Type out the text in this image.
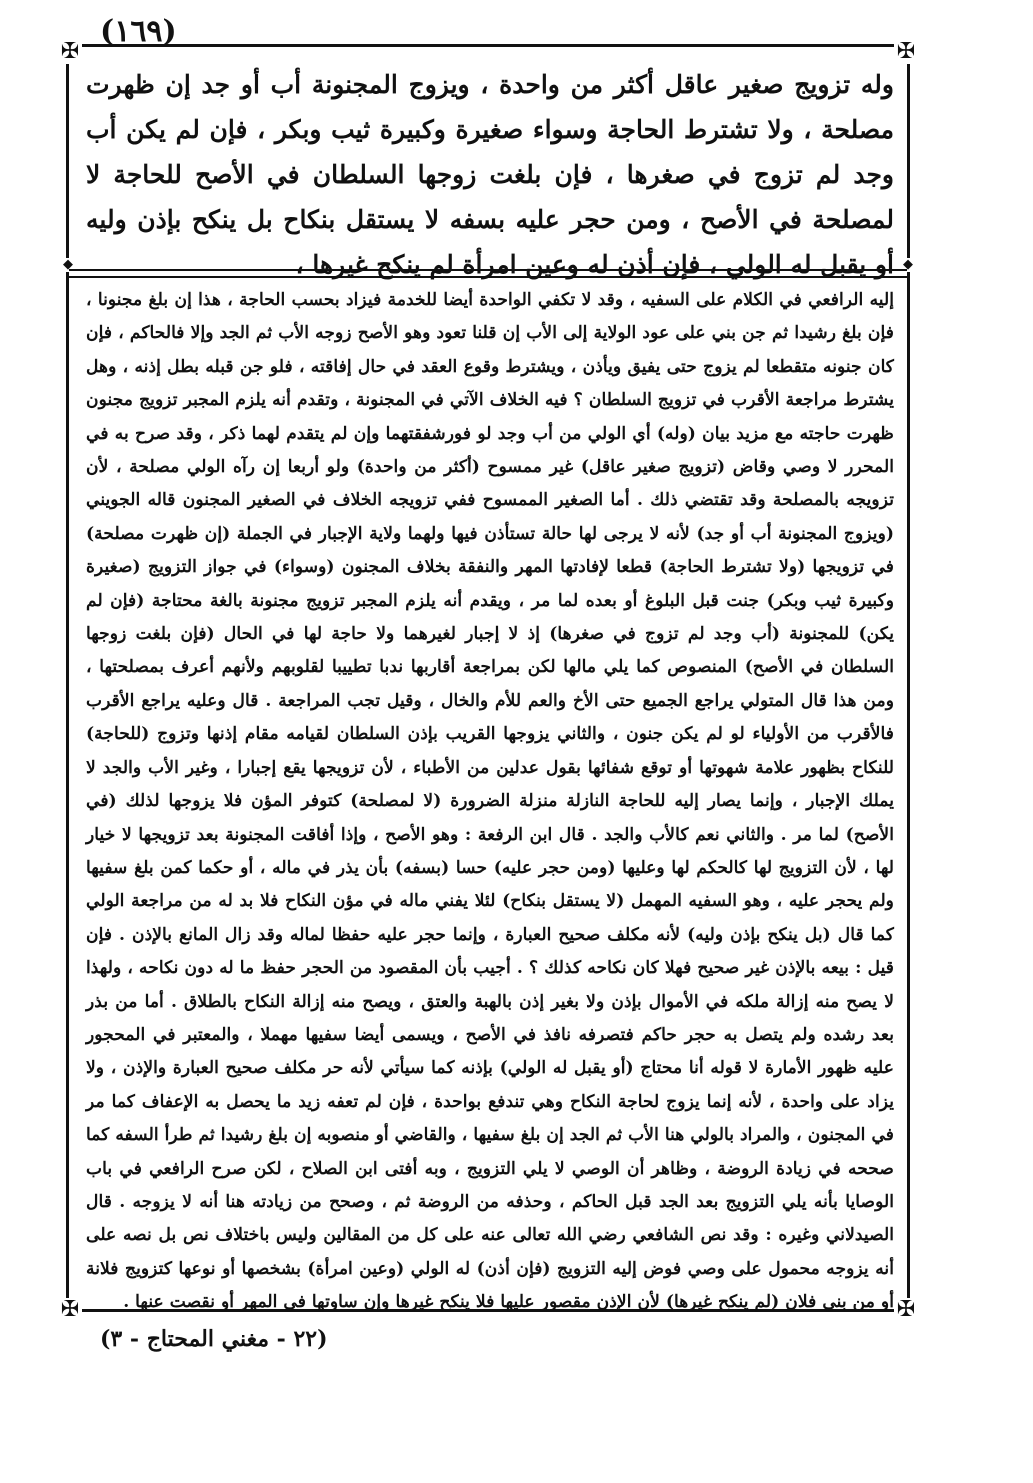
(١٦٩)
✠	✠
✠	✠
◆	◆

وله تزويج صغير عاقل أكثر من واحدة ، ويزوج المجنونة أب أو جد إن ظهرت مصلحة ، ولا تشترط الحاجة وسواء صغيرة وكبيرة ثيب وبكر ، فإن لم يكن أب وجد لم تزوج في صغرها ، فإن بلغت زوجها السلطان في الأصح للحاجة لا لمصلحة في الأصح ، ومن حجر عليه بسفه لا يستقل بنكاح بل ينكح بإذن وليه أو يقبل له الولي ، فإن أذن له وعين امرأة لم ينكح غيرها ،

إليه الرافعي في الكلام على السفيه ، وقد لا تكفي الواحدة أيضا للخدمة فيزاد بحسب الحاجة ، هذا إن بلغ مجنونا ، فإن بلغ رشيدا ثم جن بني على عود الولاية إلى الأب إن قلنا تعود وهو الأصح زوجه الأب ثم الجد وإلا فالحاكم ، فإن كان جنونه متقطعا لم يزوج حتى يفيق ويأذن ، ويشترط وقوع العقد في حال إفاقته ، فلو جن قبله بطل إذنه ، وهل يشترط مراجعة الأقرب في تزويج السلطان ؟ فيه الخلاف الآتي في المجنونة ، وتقدم أنه يلزم المجبر تزويج مجنون ظهرت حاجته مع مزيد بيان (وله) أي الولي من أب وجد لو فورشفقتهما وإن لم يتقدم لهما ذكر ، وقد صرح به في المحرر لا وصي وقاض (تزويج صغير عاقل) غير ممسوح (أكثر من واحدة) ولو أربعا إن رآه الولي مصلحة ، لأن تزويجه بالمصلحة وقد تقتضي ذلك . أما الصغير الممسوح ففي تزويجه الخلاف في الصغير المجنون قاله الجويني (ويزوج المجنونة أب أو جد) لأنه لا يرجى لها حالة تستأذن فيها ولهما ولاية الإجبار في الجملة (إن ظهرت مصلحة) في تزويجها (ولا تشترط الحاجة) قطعا لإفادتها المهر والنفقة بخلاف المجنون (وسواء) في جواز التزويج (صغيرة وكبيرة ثيب وبكر) جنت قبل البلوغ أو بعده لما مر ، ويقدم أنه يلزم المجبر تزويج مجنونة بالغة محتاجة (فإن لم يكن) للمجنونة (أب وجد لم تزوج في صغرها) إذ لا إجبار لغيرهما ولا حاجة لها في الحال (فإن بلغت زوجها السلطان في الأصح) المنصوص كما يلي مالها لكن بمراجعة أقاربها ندبا تطييبا لقلوبهم ولأنهم أعرف بمصلحتها ، ومن هذا قال المتولي يراجع الجميع حتى الأخ والعم للأم والخال ، وقيل تجب المراجعة . قال وعليه يراجع الأقرب فالأقرب من الأولياء لو لم يكن جنون ، والثاني يزوجها القريب بإذن السلطان لقيامه مقام إذنها وتزوج (للحاجة) للنكاح بظهور علامة شهوتها أو توقع شفائها بقول عدلين من الأطباء ، لأن تزويجها يقع إجبارا ، وغير الأب والجد لا يملك الإجبار ، وإنما يصار إليه للحاجة النازلة منزلة الضرورة (لا لمصلحة) كتوفر المؤن فلا يزوجها لذلك (في الأصح) لما مر . والثاني نعم كالأب والجد . قال ابن الرفعة : وهو الأصح ، وإذا أفاقت المجنونة بعد تزويجها لا خيار لها ، لأن التزويج لها كالحكم لها وعليها (ومن حجر عليه) حسا (بسفه) بأن يذر في ماله ، أو حكما كمن بلغ سفيها ولم يحجر عليه ، وهو السفيه المهمل (لا يستقل بنكاح) لئلا يفني ماله في مؤن النكاح فلا بد له من مراجعة الولي كما قال (بل ينكح بإذن وليه) لأنه مكلف صحيح العبارة ، وإنما حجر عليه حفظا لماله وقد زال المانع بالإذن . فإن قيل : بيعه بالإذن غير صحيح فهلا كان نكاحه كذلك ؟ . أجيب بأن المقصود من الحجر حفظ ما له دون نكاحه ، ولهذا لا يصح منه إزالة ملكه في الأموال بإذن ولا بغير إذن بالهبة والعتق ، ويصح منه إزالة النكاح بالطلاق . أما من بذر بعد رشده ولم يتصل به حجر حاكم فتصرفه نافذ في الأصح ، ويسمى أيضا سفيها مهملا ، والمعتبر في المحجور عليه ظهور الأمارة لا قوله أنا محتاج (أو يقبل له الولي) بإذنه كما سيأتي لأنه حر مكلف صحيح العبارة والإذن ، ولا يزاد على واحدة ، لأنه إنما يزوج لحاجة النكاح وهي تندفع بواحدة ، فإن لم تعفه زيد ما يحصل به الإعفاف كما مر في المجنون ، والمراد بالولي هنا الأب ثم الجد إن بلغ سفيها ، والقاضي أو منصوبه إن بلغ رشيدا ثم طرأ السفه كما صححه في زيادة الروضة ، وظاهر أن الوصي لا يلي التزويج ، وبه أفتى ابن الصلاح ، لكن صرح الرافعي في باب الوصايا بأنه يلي التزويج بعد الجد قبل الحاكم ، وحذفه من الروضة ثم ، وصحح من زيادته هنا أنه لا يزوجه . قال الصيدلاني وغيره : وقد نص الشافعي رضي الله تعالى عنه على كل من المقالين وليس باختلاف نص بل نصه على أنه يزوجه محمول على وصي فوض إليه التزويج (فإن أذن) له الولي (وعين امرأة) بشخصها أو نوعها كتزويج فلانة أو من بني فلان (لم ينكح غيرها) لأن الإذن مقصور عليها فلا ينكح غيرها وإن ساوتها في المهر أو نقصت عنها .

(٢٢ - مغني المحتاج - ٣)
